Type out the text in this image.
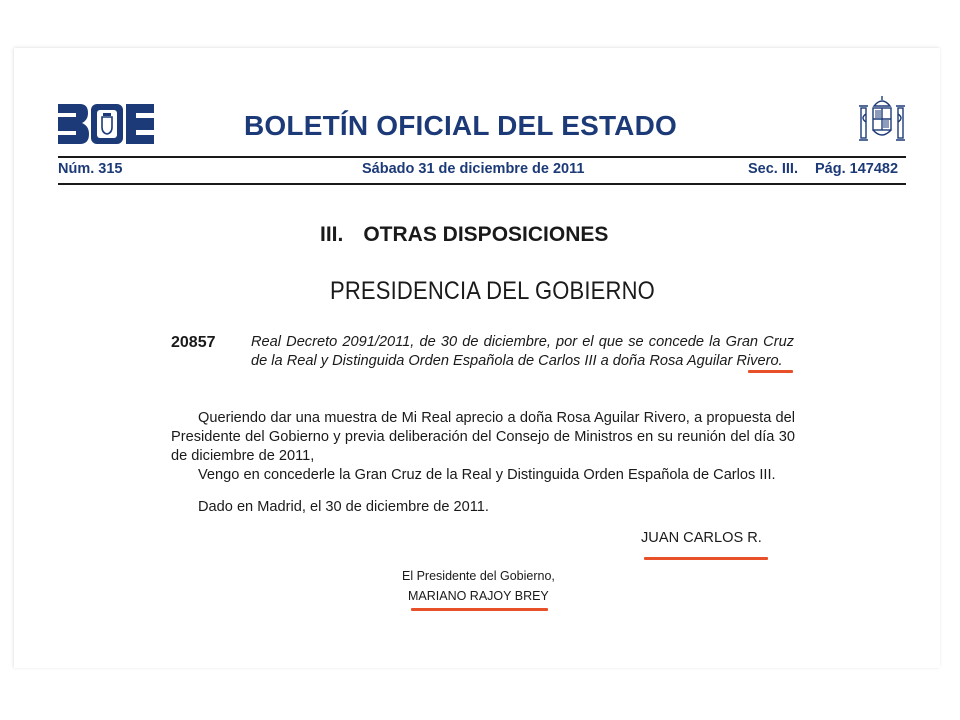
BOLETÍN OFICIAL DEL ESTADO
Núm. 315	Sábado 31 de diciembre de 2011	Sec. III. Pág. 147482
III. OTRAS DISPOSICIONES
PRESIDENCIA DEL GOBIERNO
20857 Real Decreto 2091/2011, de 30 de diciembre, por el que se concede la Gran Cruz de la Real y Distinguida Orden Española de Carlos III a doña Rosa Aguilar Rivero.
Queriendo dar una muestra de Mi Real aprecio a doña Rosa Aguilar Rivero, a propuesta del Presidente del Gobierno y previa deliberación del Consejo de Ministros en su reunión del día 30 de diciembre de 2011,
Vengo en concederle la Gran Cruz de la Real y Distinguida Orden Española de Carlos III.
Dado en Madrid, el 30 de diciembre de 2011.
JUAN CARLOS R.
El Presidente del Gobierno,
MARIANO RAJOY BREY
